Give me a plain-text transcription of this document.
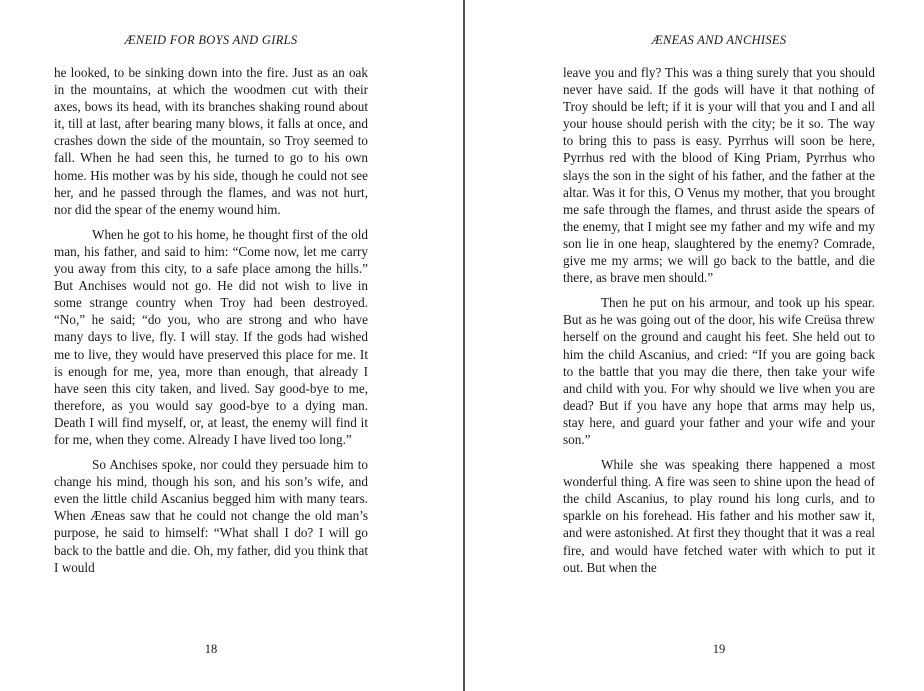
ÆNEID FOR BOYS AND GIRLS

he looked, to be sinking down into the fire. Just as an oak in the mountains, at which the woodmen cut with their axes, bows its head, with its branches shaking round about it, till at last, after bearing many blows, it falls at once, and crashes down the side of the mountain, so Troy seemed to fall. When he had seen this, he turned to go to his own home. His mother was by his side, though he could not see her, and he passed through the flames, and was not hurt, nor did the spear of the enemy wound him.

When he got to his home, he thought first of the old man, his father, and said to him: “Come now, let me carry you away from this city, to a safe place among the hills.” But Anchises would not go. He did not wish to live in some strange country when Troy had been destroyed. “No,” he said; “do you, who are strong and who have many days to live, fly. I will stay. If the gods had wished me to live, they would have preserved this place for me. It is enough for me, yea, more than enough, that already I have seen this city taken, and lived. Say good-bye to me, therefore, as you would say good-bye to a dying man. Death I will find myself, or, at least, the enemy will find it for me, when they come. Already I have lived too long.”

So Anchises spoke, nor could they persuade him to change his mind, though his son, and his son’s wife, and even the little child Ascanius begged him with many tears. When Æneas saw that he could not change the old man’s purpose, he said to himself: “What shall I do? I will go back to the battle and die. Oh, my father, did you think that I would

18
ÆNEAS AND ANCHISES

leave you and fly? This was a thing surely that you should never have said. If the gods will have it that nothing of Troy should be left; if it is your will that you and I and all your house should perish with the city; be it so. The way to bring this to pass is easy. Pyrrhus will soon be here, Pyrrhus red with the blood of King Priam, Pyrrhus who slays the son in the sight of his father, and the father at the altar. Was it for this, O Venus my mother, that you brought me safe through the flames, and thrust aside the spears of the enemy, that I might see my father and my wife and my son lie in one heap, slaughtered by the enemy? Comrade, give me my arms; we will go back to the battle, and die there, as brave men should.”

Then he put on his armour, and took up his spear. But as he was going out of the door, his wife Creüsa threw herself on the ground and caught his feet. She held out to him the child Ascanius, and cried: “If you are going back to the battle that you may die there, then take your wife and child with you. For why should we live when you are dead? But if you have any hope that arms may help us, stay here, and guard your father and your wife and your son.”

While she was speaking there happened a most wonderful thing. A fire was seen to shine upon the head of the child Ascanius, to play round his long curls, and to sparkle on his forehead. His father and his mother saw it, and were astonished. At first they thought that it was a real fire, and would have fetched water with which to put it out. But when the

19
